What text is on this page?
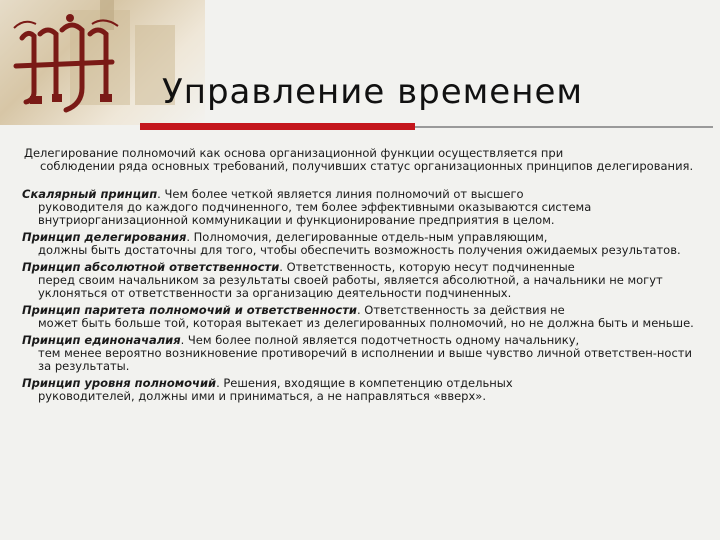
Управление временем
Делегирование полномочий как основа организационной функции осуществляется при
соблюдении ряда основных требований, получивших статус организационных принципов делегирования.
Скалярный принцип. Чем более четкой является линия полномочий от высшего
руководителя до каждого подчиненного, тем более эффективными оказываются система внутриорганизационной коммуникации и функционирование предприятия в целом.
Принцип делегирования. Полномочия, делегированные отдель-ным управляющим,
должны быть достаточны для того, чтобы обеспечить возможность получения ожидаемых результатов.
Принцип абсолютной ответственности. Ответственность, которую несут подчиненные
перед своим начальником за результаты своей работы, является абсолютной, а начальники не могут уклоняться от ответственности за организацию деятельности подчиненных.
Принцип паритета полномочий и ответственности. Ответственность за действия не
может быть больше той, которая вытекает из делегированных полномочий, но не должна быть и меньше.
Принцип единоначалия. Чем более полной является подотчетность одному начальнику,
тем менее вероятно возникновение противоречий в исполнении и выше чувство личной ответствен-ности за результаты.
Принцип уровня полномочий. Решения, входящие в компетенцию отдельных
руководителей, должны ими и приниматься, а не направляться «вверх».
